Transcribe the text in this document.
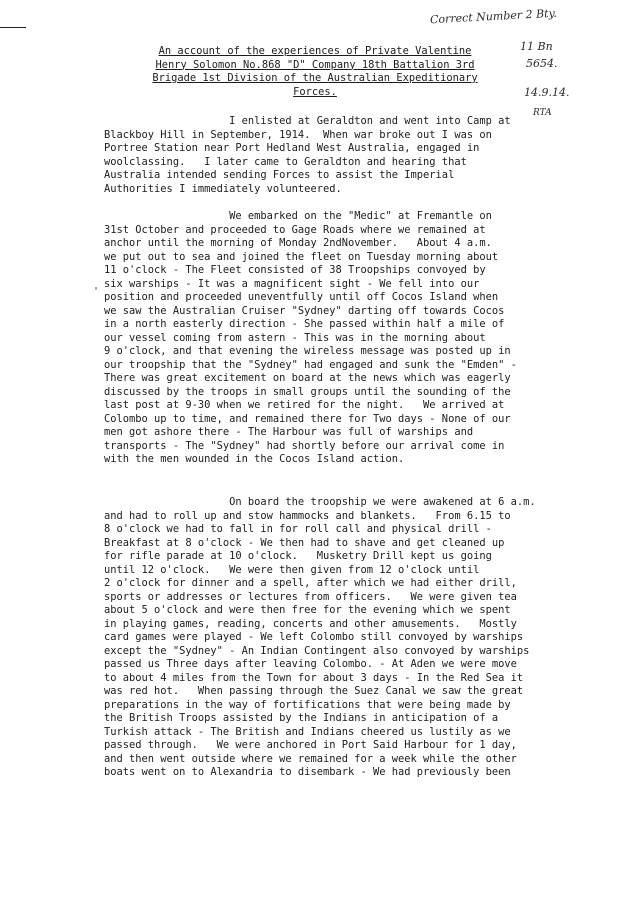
Correct Number 2 Bty.
11 Bn
5654.
14.9.14.
RTA
An account of the experiences of Private Valentine
Henry Solomon No.868 "D" Company 18th Battalion 3rd
Brigade 1st Division of the Australian Expeditionary
Forces.
I enlisted at Geraldton and went into Camp at
Blackboy Hill in September, 1914.  When war broke out I was on
Portree Station near Port Hedland West Australia, engaged in
woolclassing.   I later came to Geraldton and hearing that
Australia intended sending Forces to assist the Imperial
Authorities I immediately volunteered.
We embarked on the "Medic" at Fremantle on
31st October and proceeded to Gage Roads where we remained at
anchor until the morning of Monday 2ndNovember.   About 4 a.m.
we put out to sea and joined the fleet on Tuesday morning about
11 o'clock - The Fleet consisted of 38 Troopships convoyed by
six warships - It was a magnificent sight - We fell into our
position and proceeded uneventfully until off Cocos Island when
we saw the Australian Cruiser "Sydney" darting off towards Cocos
in a north easterly direction - She passed within half a mile of
our vessel coming from astern - This was in the morning about
9 o'clock, and that evening the wireless message was posted up in
our troopship that the "Sydney" had engaged and sunk the "Emden" -
There was great excitement on board at the news which was eagerly
discussed by the troops in small groups until the sounding of the
last post at 9-30 when we retired for the night.   We arrived at
Colombo up to time, and remained there for Two days - None of our
men got ashore there - The Harbour was full of warships and
transports - The "Sydney" had shortly before our arrival come in
with the men wounded in the Cocos Island action.
On board the troopship we were awakened at 6 a.m.
and had to roll up and stow hammocks and blankets.   From 6.15 to
8 o'clock we had to fall in for roll call and physical drill -
Breakfast at 8 o'clock - We then had to shave and get cleaned up
for rifle parade at 10 o'clock.   Musketry Drill kept us going
until 12 o'clock.   We were then given from 12 o'clock until
2 o'clock for dinner and a spell, after which we had either drill,
sports or addresses or lectures from officers.   We were given tea
about 5 o'clock and were then free for the evening which we spent
in playing games, reading, concerts and other amusements.   Mostly
card games were played - We left Colombo still convoyed by warships
except the "Sydney" - An Indian Contingent also convoyed by warships
passed us Three days after leaving Colombo. - At Aden we were move
to about 4 miles from the Town for about 3 days - In the Red Sea it
was red hot.   When passing through the Suez Canal we saw the great
preparations in the way of fortifications that were being made by
the British Troops assisted by the Indians in anticipation of a
Turkish attack - The British and Indians cheered us lustily as we
passed through.   We were anchored in Port Said Harbour for 1 day,
and then went outside where we remained for a week while the other
boats went on to Alexandria to disembark - We had previously been
'
